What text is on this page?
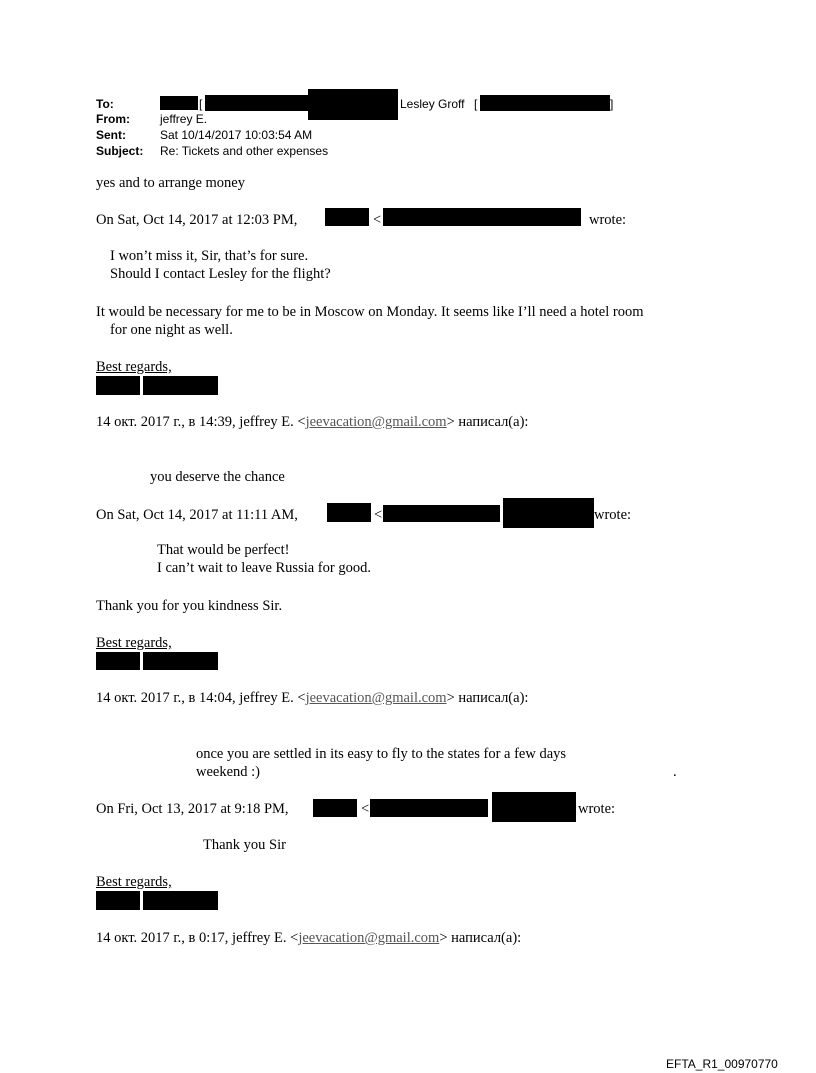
To:	[	Lesley Groff [	]
From:	jeffrey E.
Sent:	Sat 10/14/2017 10:03:54 AM
Subject: Re: Tickets and other expenses
yes and to arrange money
On Sat, Oct 14, 2017 at 12:03 PM,	<	wrote:
I won’t miss it, Sir, that’s for sure.
Should I contact Lesley for the flight?
It would be necessary for me to be in Moscow on Monday. It seems like I’ll need a hotel room
for one night as well.
Best regards,
14 окт. 2017 г., в 14:39, jeffrey E. <jeevacation@gmail.com> написал(а):
you deserve the chance
On Sat, Oct 14, 2017 at 11:11 AM,	<	wrote:
That would be perfect!
I can’t wait to leave Russia for good.
Thank you for you kindness Sir.
Best regards,
14 окт. 2017 г., в 14:04, jeffrey E. <jeevacation@gmail.com> написал(а):
once you are settled in its easy to fly to the states for a few days
weekend :)	.
On Fri, Oct 13, 2017 at 9:18 PM,	<	wrote:
Thank you Sir
Best regards,
14 окт. 2017 г., в 0:17, jeffrey E. <jeevacation@gmail.com> написал(а):
EFTA_R1_00970770
